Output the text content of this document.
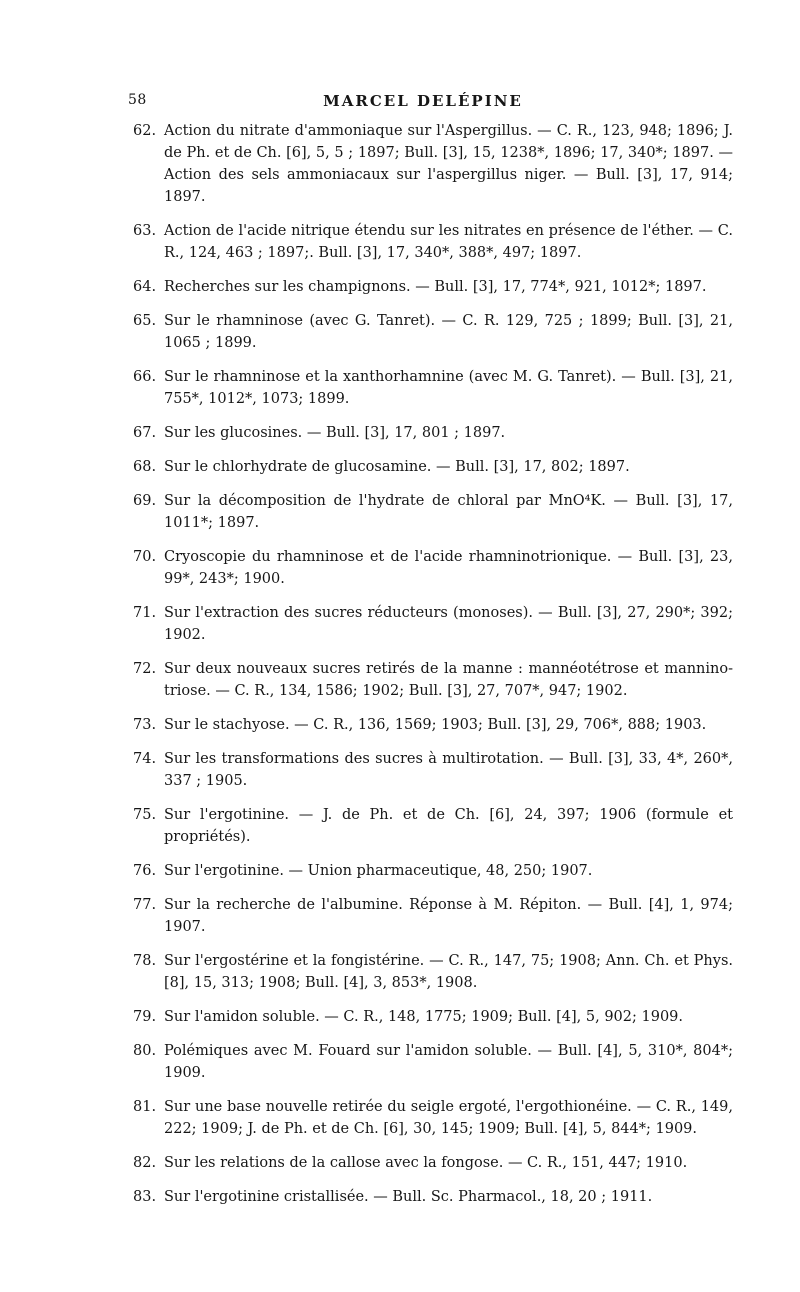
58	MARCEL DELÉPINE
62. Action du nitrate d'ammoniaque sur l'Aspergillus. — C. R., 123, 948; 1896; J. de Ph. et de Ch. [6], 5, 5 ; 1897; Bull. [3], 15, 1238*, 1896; 17, 340*; 1897. — Action des sels ammoniacaux sur l'aspergillus niger. — Bull. [3], 17, 914; 1897.
63. Action de l'acide nitrique étendu sur les nitrates en présence de l'éther. — C. R., 124, 463 ; 1897;. Bull. [3], 17, 340*, 388*, 497; 1897.
64. Recherches sur les champignons. — Bull. [3], 17, 774*, 921, 1012*; 1897.
65. Sur le rhamninose (avec G. Tanret). — C. R. 129, 725 ; 1899; Bull. [3], 21, 1065 ; 1899.
66. Sur le rhamninose et la xanthorhamnine (avec M. G. Tanret). — Bull. [3], 21, 755*, 1012*, 1073; 1899.
67. Sur les glucosines. — Bull. [3], 17, 801 ; 1897.
68. Sur le chlorhydrate de glucosamine. — Bull. [3], 17, 802; 1897.
69. Sur la décomposition de l'hydrate de chloral par MnO⁴K. — Bull. [3], 17, 1011*; 1897.
70. Cryoscopie du rhamninose et de l'acide rhamninotrionique. — Bull. [3], 23, 99*, 243*; 1900.
71. Sur l'extraction des sucres réducteurs (monoses). — Bull. [3], 27, 290*; 392; 1902.
72. Sur deux nouveaux sucres retirés de la manne : mannéotétrose et manninotriose. — C. R., 134, 1586; 1902; Bull. [3], 27, 707*, 947; 1902.
73. Sur le stachyose. — C. R., 136, 1569; 1903; Bull. [3], 29, 706*, 888; 1903.
74. Sur les transformations des sucres à multirotation. — Bull. [3], 33, 4*, 260*, 337 ; 1905.
75. Sur l'ergotinine. — J. de Ph. et de Ch. [6], 24, 397; 1906 (formule et propriétés).
76. Sur l'ergotinine. — Union pharmaceutique, 48, 250; 1907.
77. Sur la recherche de l'albumine. Réponse à M. Répiton. — Bull. [4], 1, 974; 1907.
78. Sur l'ergostérine et la fongistérine. — C. R., 147, 75; 1908; Ann. Ch. et Phys. [8], 15, 313; 1908; Bull. [4], 3, 853*, 1908.
79. Sur l'amidon soluble. — C. R., 148, 1775; 1909; Bull. [4], 5, 902; 1909.
80. Polémiques avec M. Fouard sur l'amidon soluble. — Bull. [4], 5, 310*, 804*; 1909.
81. Sur une base nouvelle retirée du seigle ergoté, l'ergothionéine. — C. R., 149, 222; 1909; J. de Ph. et de Ch. [6], 30, 145; 1909; Bull. [4], 5, 844*; 1909.
82. Sur les relations de la callose avec la fongose. — C. R., 151, 447; 1910.
83. Sur l'ergotinine cristallisée. — Bull. Sc. Pharmacol., 18, 20 ; 1911.
